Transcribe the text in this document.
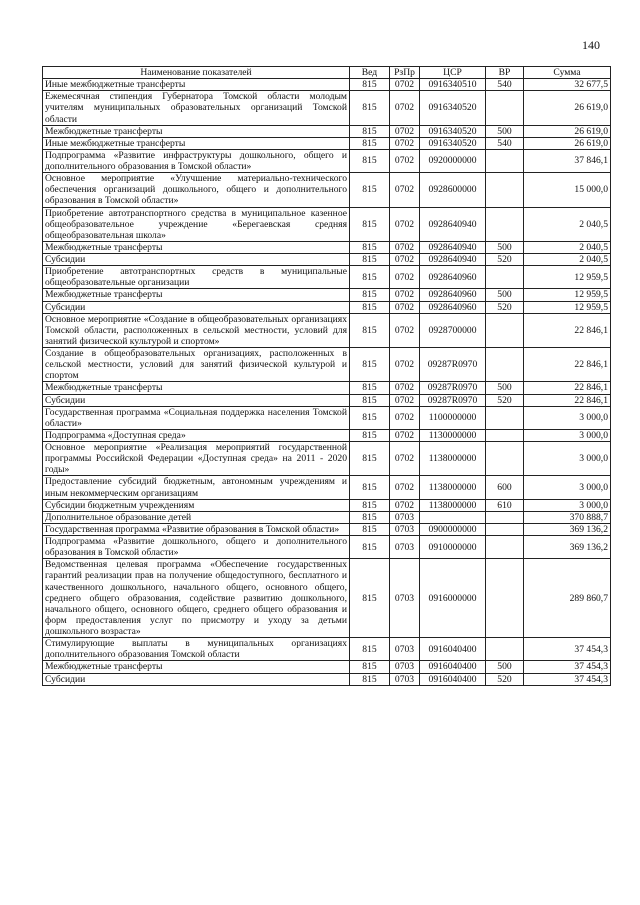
140
Наименование показателей	Вед	РзПр	ЦСР	ВР	Сумма
Иные межбюджетные трансферты	815	0702	0916340510	540	32 677,5
Ежемесячная стипендия Губернатора Томской области молодым учителям муниципальных образовательных организаций Томской области	815	0702	0916340520		26 619,0
Межбюджетные трансферты	815	0702	0916340520	500	26 619,0
Иные межбюджетные трансферты	815	0702	0916340520	540	26 619,0
Подпрограмма «Развитие инфраструктуры дошкольного, общего и дополнительного образования в Томской области»	815	0702	0920000000		37 846,1
Основное мероприятие «Улучшение материально-технического обеспечения организаций дошкольного, общего и дополнительного образования в Томской области»	815	0702	0928600000		15 000,0
Приобретение автотранспортного средства в муниципальное казенное общеобразовательное учреждение «Берегаевская средняя общеобразовательная школа»	815	0702	0928640940		2 040,5
Межбюджетные трансферты	815	0702	0928640940	500	2 040,5
Субсидии	815	0702	0928640940	520	2 040,5
Приобретение автотранспортных средств в муниципальные общеобразовательные организации	815	0702	0928640960		12 959,5
Межбюджетные трансферты	815	0702	0928640960	500	12 959,5
Субсидии	815	0702	0928640960	520	12 959,5
Основное мероприятие «Создание в общеобразовательных организациях Томской области, расположенных в сельской местности, условий для занятий физической культурой и спортом»	815	0702	0928700000		22 846,1
Создание в общеобразовательных организациях, расположенных в сельской местности, условий для занятий физической культурой и спортом	815	0702	09287R0970		22 846,1
Межбюджетные трансферты	815	0702	09287R0970	500	22 846,1
Субсидии	815	0702	09287R0970	520	22 846,1
Государственная программа «Социальная поддержка населения Томской области»	815	0702	1100000000		3 000,0
Подпрограмма «Доступная среда»	815	0702	1130000000		3 000,0
Основное мероприятие «Реализация мероприятий государственной программы Российской Федерации «Доступная среда» на 2011 - 2020 годы»	815	0702	1138000000		3 000,0
Предоставление субсидий бюджетным, автономным учреждениям и иным некоммерческим организациям	815	0702	1138000000	600	3 000,0
Субсидии бюджетным учреждениям	815	0702	1138000000	610	3 000,0
Дополнительное образование детей	815	0703			370 888,7
Государственная программа «Развитие образования в Томской области»	815	0703	0900000000		369 136,2
Подпрограмма «Развитие дошкольного, общего и дополнительного образования в Томской области»	815	0703	0910000000		369 136,2
Ведомственная целевая программа «Обеспечение государственных гарантий реализации прав на получение общедоступного, бесплатного и качественного дошкольного, начального общего, основного общего, среднего общего образования, содействие развитию дошкольного, начального общего, основного общего, среднего общего образования и форм предоставления услуг по присмотру и уходу за детьми дошкольного возраста»	815	0703	0916000000		289 860,7
Стимулирующие выплаты в муниципальных организациях дополнительного образования Томской области	815	0703	0916040400		37 454,3
Межбюджетные трансферты	815	0703	0916040400	500	37 454,3
Субсидии	815	0703	0916040400	520	37 454,3
